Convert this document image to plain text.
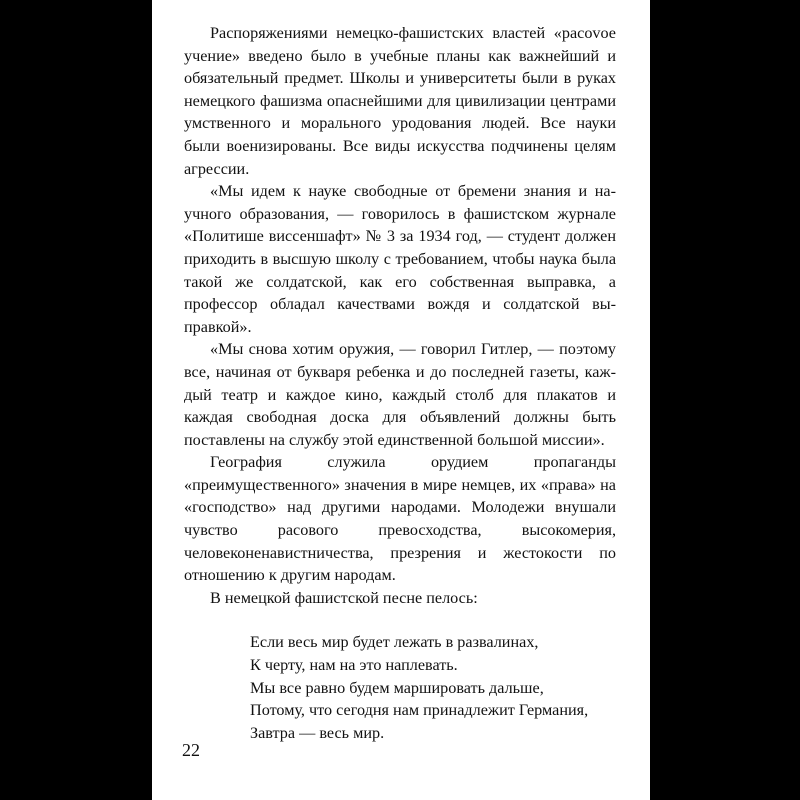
Распоряжениями немецко-фашистских властей «расоvое учение» введено было в учебные планы как важнейший и обязательный предмет. Школы и университеты были в руках немецкого фашизма опаснейшими для цивилизации центрами умственного и морального уродования людей. Все науки были военизированы. Все виды искусства подчинены целям агрессии.

«Мы идем к науке свободные от бремени знания и научного образования, — говорилось в фашистском журнале «Политише виссеншафт» № 3 за 1934 год, — студент должен приходить в высшую школу с требованием, чтобы наука была такой же солдатской, как его собственная выправка, а профессор обладал качествами вождя и солдатской выправкой».

«Мы снова хотим оружия, — говорил Гитлер, — поэтому все, начиная от букваря ребенка и до последней газеты, каждый театр и каждое кино, каждый столб для плакатов и каждая свободная доска для объявлений должны быть поставлены на службу этой единственной большой миссии».

География служила орудием пропаганды «преимущественного» значения в мире немцев, их «права» на «господство» над другими народами. Молодежи внушали чувство расового превосходства, высокомерия, человеконенавистничества, презрения и жестокости по отношению к другим народам.

В немецкой фашистской песне пелось:

Если весь мир будет лежать в развалинах,
К черту, нам на это наплевать.
Мы все равно будем маршировать дальше,
Потому, что сегодня нам принадлежит Германия,
Завтра — весь мир.
22
